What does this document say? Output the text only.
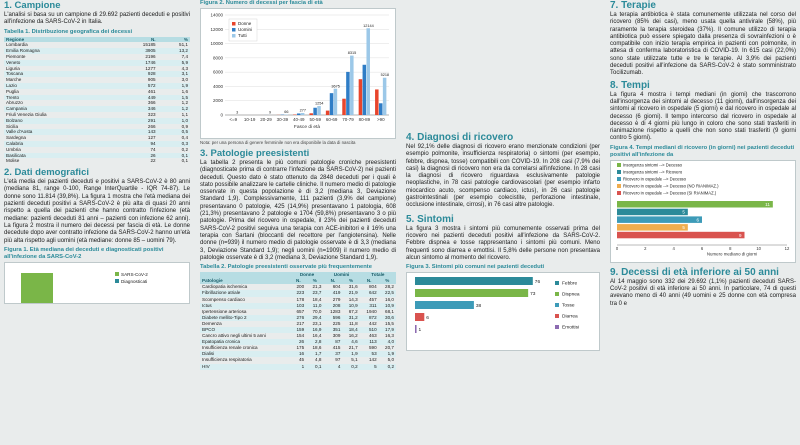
1. Campione

L'analisi si basa su un campione di 29.692 pazienti deceduti e positivi all'infezione da SARS-CoV-2 in Italia.

Tabella 1. Distribuzione geografica dei decessi
Regione	N.	%
Lombardia	15185	51,1
Emilia Romagna	3905	13,2
Piemonte	2196	7,4
Veneto	1746	5,9
Liguria	1277	4,3
Toscana	928	3,1
Marche	905	3,0
Lazio	572	1,9
Puglia	461	1,6
Trento	449	1,5
Abruzzo	366	1,2
Campania	346	1,2
Friuli Venezia Giulia	323	1,1
Bolzano	291	1,0
Sicilia	266	0,9
Valle d'Aosta	143	0,5
Sardegna	127	0,4
Calabria	94	0,3
Umbria	74	0,2
Basilicata	26	0,1
Molise	22	0,1
2. Dati demografici

L'età media dei pazienti deceduti e positivi a SARS-CoV-2 è 80 anni (mediana 81, range 0-100, Range InterQuartile - IQR 74-87). Le donne sono 11.814 (39,8%). La figura 1 mostra che l'età mediana dei pazienti deceduti positivi a SARS-CoV-2 è più alta di quasi 20 anni rispetto a quella dei pazienti che hanno contratto l'infezione (età mediane: pazienti deceduti 81 anni – pazienti con infezione 62 anni). La figura 2 mostra il numero dei decessi per fascia di età. Le donne decedute dopo aver contratto infezione da SARS-CoV-2 hanno un'età più alta rispetto agli uomini (età mediane: donne 85 – uomini 79).

Figura 1. Età mediana dei deceduti e diagnosticati positivi all'infezione da SARS-CoV-2
SARS-CoV-2
Diagnosticati
Figura 2. Numero di decessi per fascia di età
0
2000
4000
6000
8000
10000
12000
14000
3
<=9 10-19
9
20-29
66
30-39
277
40-49
1254
50-59
3675
60-69
8315
70-79
12144
80-89
5218
>90
Fasce di età
Donne
Uomini
Tutti
Nota: per una persona di genere femminile non era disponibile la data di nascita
3. Patologie preesistenti

La tabella 2 presenta le più comuni patologie croniche preesistenti (diagnosticate prima di contrarre l'infezione da SARS-CoV-2) nei pazienti deceduti. Questo dato è stato ottenuto da 2848 deceduti per i quali è stato possibile analizzare le cartelle cliniche. Il numero medio di patologie osservate in questa popolazione è di 3,2 (mediana 3, Deviazione Standard 1,9). Complessivamente, 111 pazienti (3,9% del campione) presentavano 0 patologie, 425 (14,9%) presentavano 1 patologia, 608 (21,3%) presentavano 2 patologie e 1704 (59,8%) presentavano 3 o più patologie. Prima del ricovero in ospedale, il 23% dei pazienti deceduti SARS-CoV-2 positivi seguiva una terapia con ACE-inibitori e il 16% una terapia con Sartani (bloccanti del recettore per l'angiotensina). Nelle donne (n=939) il numero medio di patologie osservate è di 3,3 (mediana 3, Deviazione Standard 1,9); negli uomini (n=1909) il numero medio di patologie osservate è di 3,2 (mediana 3, Deviazione Standard 1,9).

Tabella 2. Patologie preesistenti osservate più frequentemente
	Donne		Uomini		Totale	
Patologie	N.	%	N.	%	N.	%
Cardiopatia ischemica	200	21,3	604	31,6	804	28,2
Fibrillazione atriale	223	23,7	419	21,9	642	22,5
Scompenso cardiaco	178	18,4	279	14,3	457	16,0
Ictus	103	11,0	208	10,9	311	10,9
Ipertensione arteriosa	657	70,0	1283	67,2	1940	68,1
Diabete mellito-Tipo 2	276	29,4	596	31,2	872	30,6
Demenza	217	23,1	225	11,8	442	15,5
BPCO	159	16,9	351	18,4	510	17,9
Cancro attivo negli ultimi 5 anni	154	16,4	309	16,2	463	16,3
Epatopatia cronica	26	2,8	87	4,6	113	4,0
Insufficienza renale cronica	175	18,6	415	21,7	590	20,7
Dialisi	16	1,7	37	1,9	53	1,9
Insufficienza respiratoria	45	4,8	97	5,1	142	5,0
HIV	1	0,1	4	0,2	5	0,2
4. Diagnosi di ricovero

Nel 92,1% delle diagnosi di ricovero erano menzionate condizioni (per esempio polmonite, insufficienza respiratoria) o sintomi (per esempio, febbre, dispnea, tosse) compatibili con COVID-19. In 208 casi (7,9% dei casi) la diagnosi di ricovero non era da correlarsi all'infezione. In 28 casi la diagnosi di ricovero riguardava esclusivamente patologie neoplastiche, in 78 casi patologie cardiovascolari (per esempio infarto miocardico acuto, scompenso cardiaco, ictus), in 26 casi patologie gastrointestinali (per esempio colecistite, perforazione intestinale, occlusione intestinale, cirrosi), in 76 casi altre patologie.

5. Sintomi

La figura 3 mostra i sintomi più comunemente osservati prima del ricovero nei pazienti deceduti positivi all'infezione da SARS-CoV-2. Febbre dispnea e tosse rappresentano i sintomi più comuni. Meno frequenti sono diarrea e emottisi. Il 5,8% delle persone non presentava alcun sintomo al momento del ricovero.

Figura 3. Sintomi più comuni nei pazienti deceduti
76	Febbre
73	Dispnea
38	Tosse
6	Diarrea
1	Emottisi
7. Terapie

La terapia antibiotica è stata comunemente utilizzata nel corso del ricovero (85% dei casi), meno usata quella antivirale (58%), più raramente la terapia steroidea (37%). Il comune utilizzo di terapia antibiotica può essere spiegato dalla presenza di sovrainfezioni o è compatibile con inizio terapia empirica in pazienti con polmonite, in attesa di conferma laboratoristica di COVID-19. In 615 casi (22,0%) sono state utilizzate tutte e tre le terapie. Al 3,9% dei pazienti deceduti positivi all'infezione da SARS-CoV-2 è stato somministrato Tocilizumab.

8. Tempi

La figura 4 mostra i tempi mediani (in giorni) che trascorrono dall'insorgenza dei sintomi al decesso (11 giorni), dall'insorgenza dei sintomi al ricovero in ospedale (5 giorni) e dal ricovero in ospedale al decesso (6 giorni). Il tempo intercorso dal ricovero in ospedale al decesso è di 4 giorni più lungo in coloro che sono stati trasferiti in rianimazione rispetto a quelli che non sono stati trasferiti (9 giorni contro 5 giorni).

Figura 4. Tempi mediani di ricovero (in giorni) nei pazienti deceduti positivi all'infezione da
Insorgenza sintomi --> Decesso
Insorgenza sintomi --> Ricovero
Ricovero in ospedale --> Decesso
Ricovero in ospedale --> Decesso (NO RIANIMAZ.)
Ricovero in ospedale --> Decesso (SI RIANIMAZ.)
11
5
6
5
9
0	2	4	6	8	10	12
Numero mediano di giorni
9. Decessi di età inferiore ai 50 anni

Al 14 maggio sono 332 dei 29.692 (1,1%) pazienti deceduti SARS-CoV-2 positivi di età inferiore ai 50 anni. In particolare, 74 di questi avevano meno di 40 anni (49 uomini e 25 donne con età compresa tra 0 e
